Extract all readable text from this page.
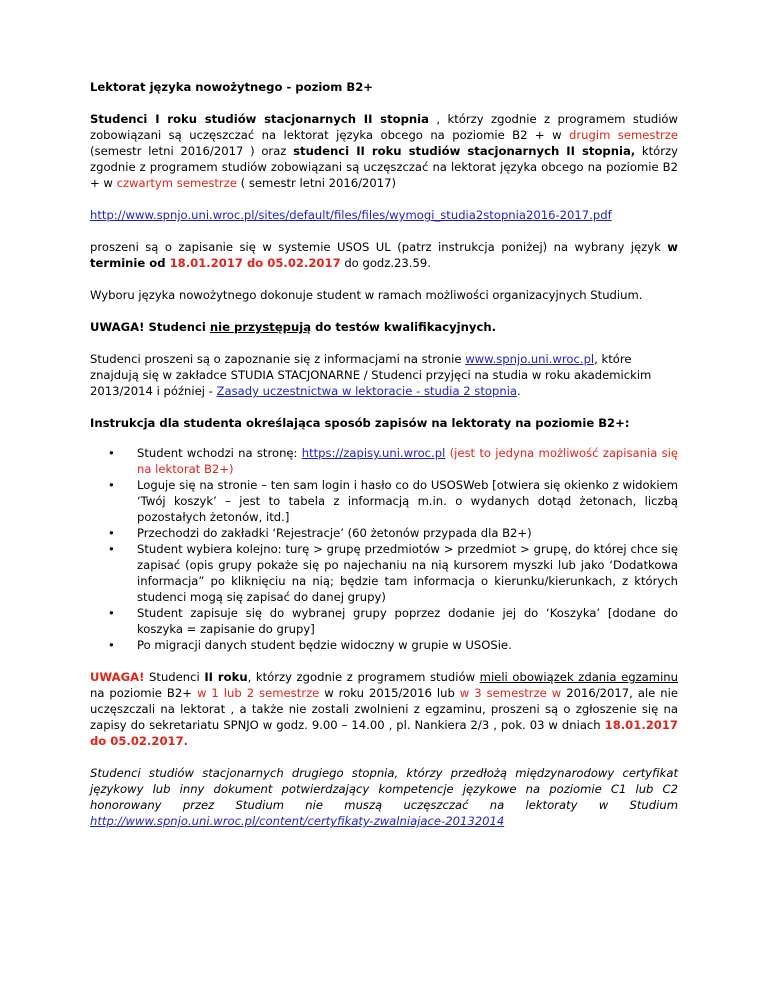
Lektorat języka nowożytnego - poziom B2+

Studenci I roku studiów stacjonarnych II stopnia , którzy zgodnie z programem studiów zobowiązani są uczęszczać na lektorat języka obcego na poziomie B2 + w drugim semestrze (semestr letni 2016/2017 ) oraz studenci II roku studiów stacjonarnych II stopnia, którzy zgodnie z programem studiów zobowiązani są uczęszczać na lektorat języka obcego na poziomie B2 + w czwartym semestrze ( semestr letni 2016/2017)

http://www.spnjo.uni.wroc.pl/sites/default/files/files/wymogi_studia2stopnia2016-2017.pdf

proszeni są o zapisanie się w systemie USOS UL (patrz instrukcja poniżej) na wybrany język w terminie od 18.01.2017 do 05.02.2017 do godz.23.59.

Wyboru języka nowożytnego dokonuje student w ramach możliwości organizacyjnych Studium.

UWAGA! Studenci nie przystępują do testów kwalifikacyjnych.

Studenci proszeni są o zapoznanie się z informacjami na stronie www.spnjo.uni.wroc.pl, które znajdują się w zakładce STUDIA STACJONARNE / Studenci przyjęci na studia w roku akademickim 2013/2014 i później - Zasady uczestnictwa w lektoracie - studia 2 stopnia.

Instrukcja dla studenta określająca sposób zapisów na lektoraty na poziomie B2+:

• Student wchodzi na stronę: https://zapisy.uni.wroc.pl (jest to jedyna możliwość zapisania się na lektorat B2+)
• Loguje się na stronie – ten sam login i hasło co do USOSWeb [otwiera się okienko z widokiem ‘Twój koszyk’ – jest to tabela z informacją m.in. o wydanych dotąd żetonach, liczbą pozostałych żetonów, itd.]
• Przechodzi do zakładki ‘Rejestracje’ (60 żetonów przypada dla B2+)
• Student wybiera kolejno: turę > grupę przedmiotów > przedmiot > grupę, do której chce się zapisać (opis grupy pokaże się po najechaniu na nią kursorem myszki lub jako ‘Dodatkowa informacja” po kliknięciu na nią; będzie tam informacja o kierunku/kierunkach, z których studenci mogą się zapisać do danej grupy)
• Student zapisuje się do wybranej grupy poprzez dodanie jej do ‘Koszyka’ [dodane do koszyka = zapisanie do grupy]
• Po migracji danych student będzie widoczny w grupie w USOSie.

UWAGA! Studenci II roku, którzy zgodnie z programem studiów mieli obowiązek zdania egzaminu na poziomie B2+ w 1 lub 2 semestrze w roku 2015/2016 lub w 3 semestrze w 2016/2017, ale nie uczęszczali na lektorat , a także nie zostali zwolnieni z egzaminu, proszeni są o zgłoszenie się na zapisy do sekretariatu SPNJO w godz. 9.00 – 14.00 , pl. Nankiera 2/3 , pok. 03 w dniach 18.01.2017 do 05.02.2017.

Studenci studiów stacjonarnych drugiego stopnia, którzy przedłożą międzynarodowy certyfikat językowy lub inny dokument potwierdzający kompetencje językowe na poziomie C1 lub C2 honorowany przez Studium nie muszą uczęszczać na lektoraty w Studium http://www.spnjo.uni.wroc.pl/content/certyfikaty-zwalniajace-20132014
